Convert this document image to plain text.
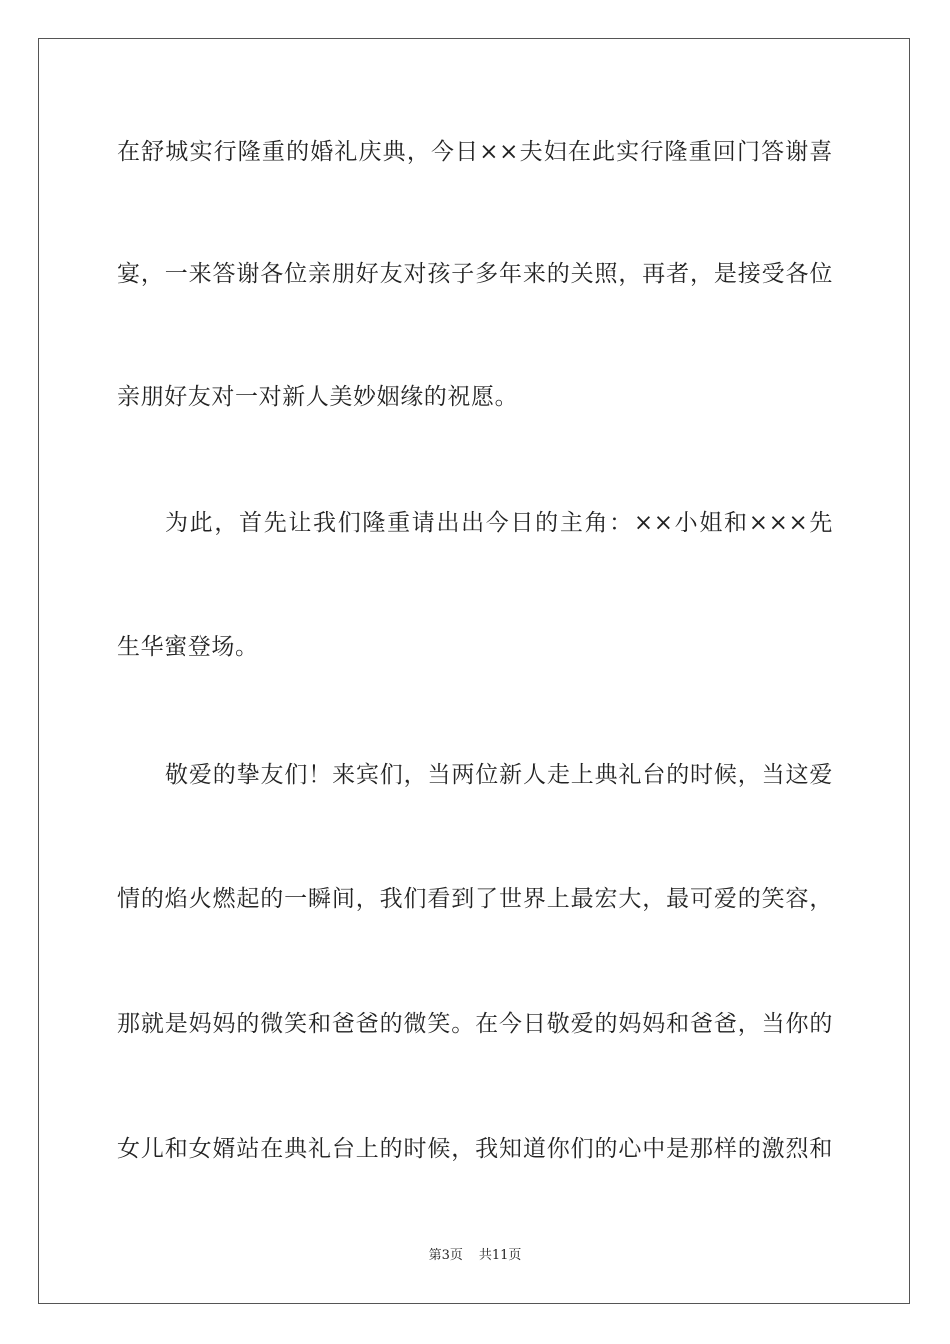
在舒城实行隆重的婚礼庆典，今日××夫妇在此实行隆重回门答谢喜
宴，一来答谢各位亲朋好友对孩子多年来的关照，再者，是接受各位
亲朋好友对一对新人美妙姻缘的祝愿。
为此，首先让我们隆重请出出今日的主角：××小姐和×××先
生华蜜登场。
敬爱的挚友们！来宾们，当两位新人走上典礼台的时候，当这爱
情的焰火燃起的一瞬间，我们看到了世界上最宏大，最可爱的笑容，
那就是妈妈的微笑和爸爸的微笑。在今日敬爱的妈妈和爸爸，当你的
女儿和女婿站在典礼台上的时候，我知道你们的心中是那样的激烈和
第3页 共11页
